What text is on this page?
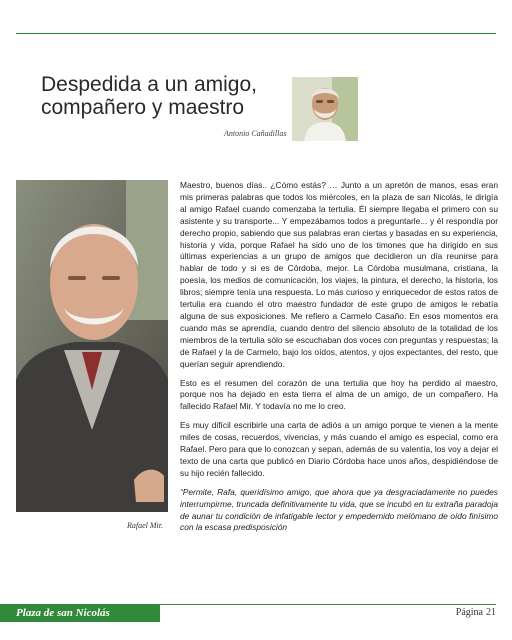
Despedida a un amigo,
compañero y maestro
Antonio Cañadillas
Rafael Mir.

Maestro, buenos días.. ¿Cómo estás? … Junto a un apretón de manos, esas eran mis primeras palabras que todos los miércoles, en la plaza de san Nicolás, le dirigía al amigo Rafael cuando comenzaba la tertulia. Él siempre llegaba el primero con su asistente y su transporte... Y empezábamos todos a preguntarle... y él respondía por derecho propio, sabiendo que sus palabras eran ciertas y basadas en su experiencia, historia y vida, porque Rafael ha sido uno de los timones que ha dirigido en sus últimas experiencias a un grupo de amigos que decidieron un día reunirse para hablar de todo y si es de Córdoba, mejor. La Córdoba musulmana, cristiana, la poesía, los medios de comunicación, los viajes, la pintura, el derecho, la historia, los libros; siempre tenía una respuesta. Lo más curioso y enriquecedor de estos ratos de tertulia era cuando el otro maestro fundador de este grupo de amigos le rebatía alguna de sus exposiciones. Me refiero a Carmelo Casaño. En esos momentos era cuando más se aprendía, cuando dentro del silencio absoluto de la totalidad de los miembros de la tertulia sólo se escuchaban dos voces con preguntas y respuestas; la de Rafael y la de Carmelo, bajo los oídos, atentos, y ojos expectantes, del resto, que querían seguir aprendiendo.

Esto es el resumen del corazón de una tertulia que hoy ha perdido al maestro, porque nos ha dejado en esta tierra el alma de un amigo, de un compañero. Ha fallecido Rafael Mir. Y todavía no me lo creo.

Es muy difícil escribirle una carta de adiós a un amigo porque te vienen a la mente miles de cosas, recuerdos, vivencias, y más cuando el amigo es especial, como era Rafael. Pero para que lo conozcan y sepan, además de su valentía, los voy a dejar el texto de una carta que publicó en Diario Córdoba hace unos años, despidiéndose de su hijo recién fallecido.

“Permite, Rafa, queridísimo amigo, que ahora que ya desgraciadamente no puedes interrumpirme, truncada definitivamente tu vida, que se incubó en tu extraña paradoja de aunar tu condición de infatigable lector y empedernido melómano de oído finísimo con la escasa predisposición

Plaza de san Nicolás	Página 21
